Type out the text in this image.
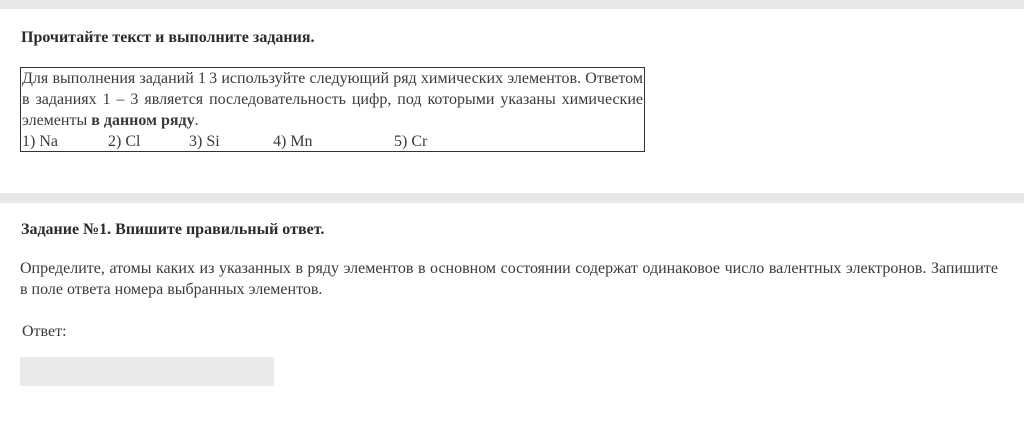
Прочитайте текст и выполните задания.

Для выполнения заданий 1 3 используйте следующий ряд химических элементов. Ответом в заданиях 1 – 3 является последовательность цифр, под которыми указаны химические элементы в данном ряду.

1) Na	2) Cl	3) Si	4) Mn	5) Cr

Задание №1. Впишите правильный ответ.

Определите, атомы каких из указанных в ряду элементов в основном состоянии содержат одинаковое число валентных электронов. Запишите в поле ответа номера выбранных элементов.

Ответ:
